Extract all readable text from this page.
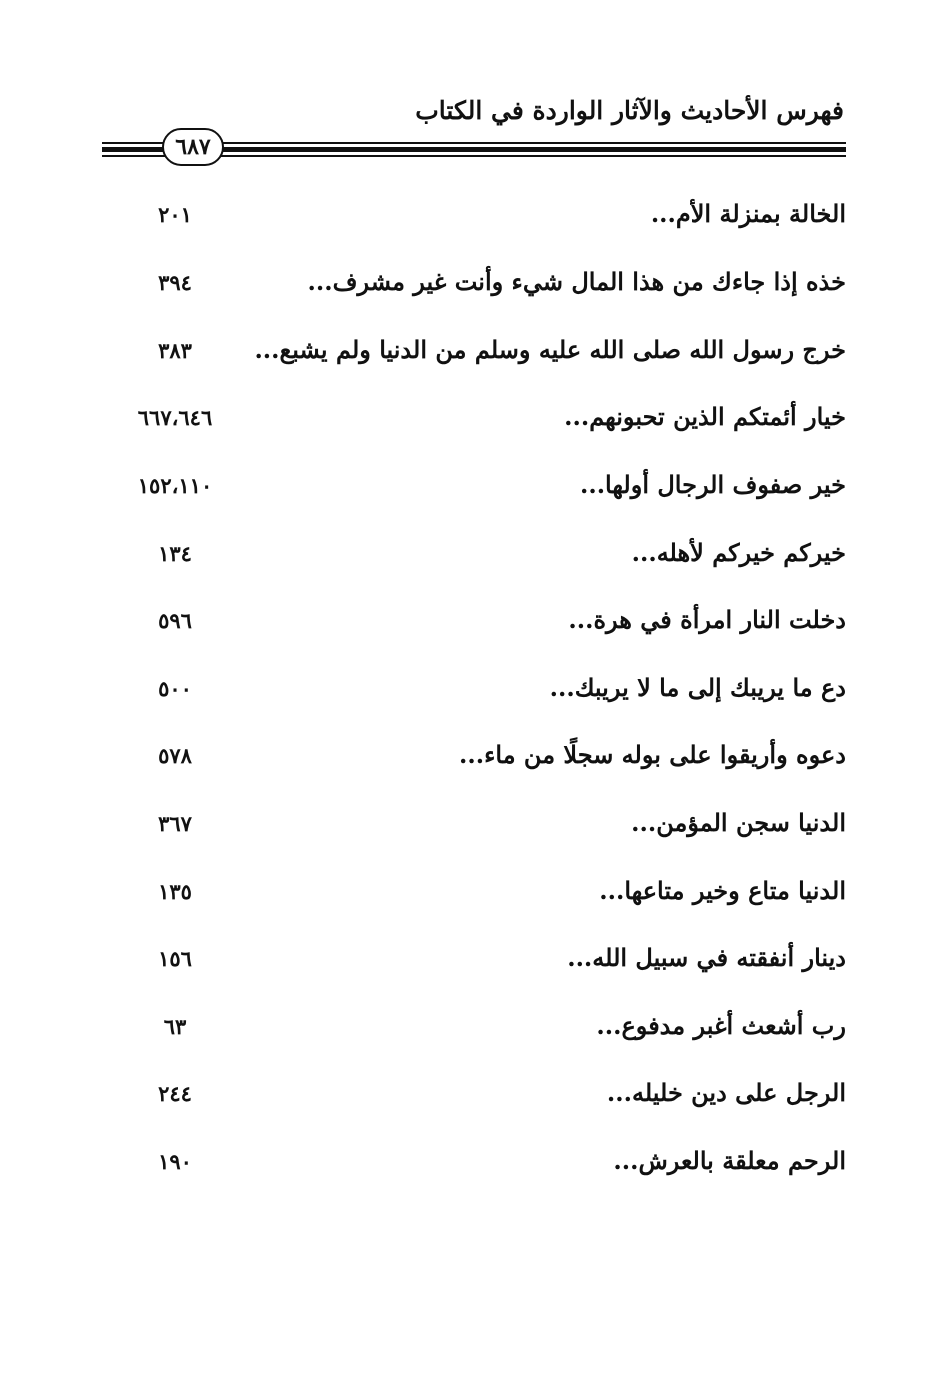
فهرس الأحاديث والآثار الواردة في الكتاب
٦٨٧
الخالة بمنزلة الأم...
٢٠١
خذه إذا جاءك من هذا المال شيء وأنت غير مشرف...
٣٩٤
خرج رسول الله صلى الله عليه وسلم من الدنيا ولم يشبع...
٣٨٣
خيار أئمتكم الذين تحبونهم...
٦٦٧،٦٤٦
خير صفوف الرجال أولها...
١٥٢،١١٠
خيركم خيركم لأهله...
١٣٤
دخلت النار امرأة في هرة...
٥٩٦
دع ما يريبك إلى ما لا يريبك...
٥٠٠
دعوه وأريقوا على بوله سجلًا من ماء...
٥٧٨
الدنيا سجن المؤمن...
٣٦٧
الدنيا متاع وخير متاعها...
١٣٥
دينار أنفقته في سبيل الله...
١٥٦
رب أشعث أغبر مدفوع...
٦٣
الرجل على دين خليله...
٢٤٤
الرحم معلقة بالعرش...
١٩٠
